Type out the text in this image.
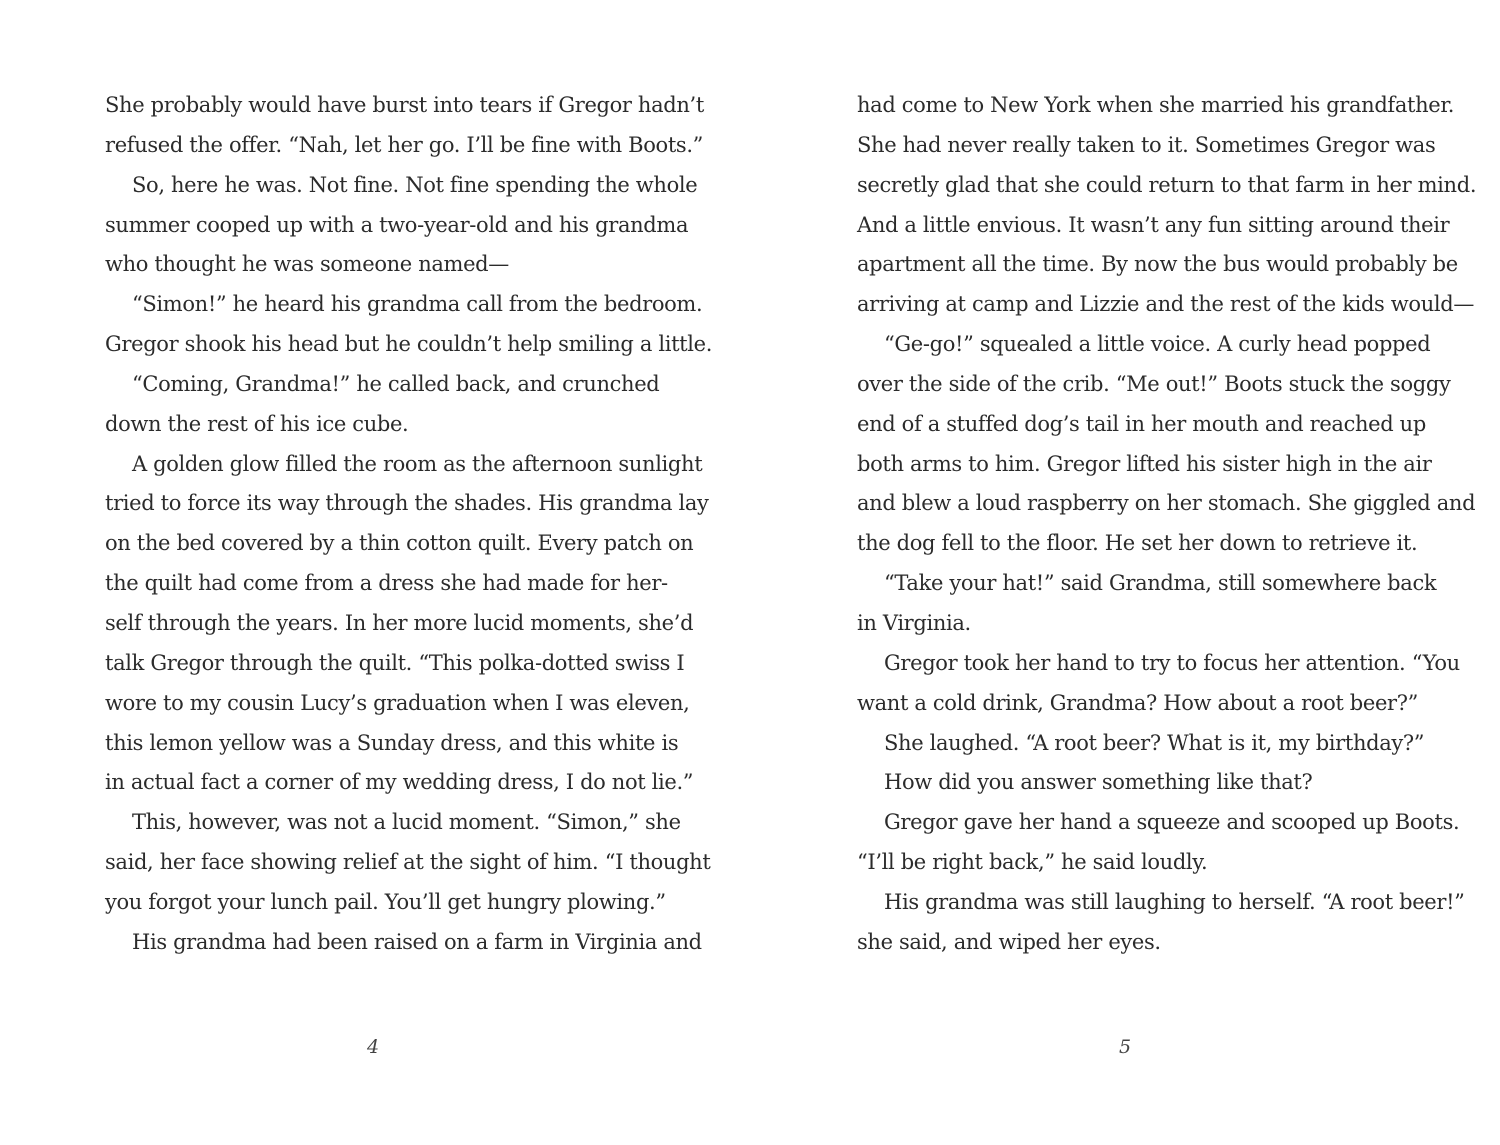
She probably would have burst into tears if Gregor hadn’t
refused the offer. “Nah, let her go. I’ll be fine with Boots.”
So, here he was. Not fine. Not fine spending the whole
summer cooped up with a two-year-old and his grandma
who thought he was someone named—
“Simon!” he heard his grandma call from the bedroom.
Gregor shook his head but he couldn’t help smiling a little.
“Coming, Grandma!” he called back, and crunched
down the rest of his ice cube.
A golden glow filled the room as the afternoon sunlight
tried to force its way through the shades. His grandma lay
on the bed covered by a thin cotton quilt. Every patch on
the quilt had come from a dress she had made for her-
self through the years. In her more lucid moments, she’d
talk Gregor through the quilt. “This polka-dotted swiss I
wore to my cousin Lucy’s graduation when I was eleven,
this lemon yellow was a Sunday dress, and this white is
in actual fact a corner of my wedding dress, I do not lie.”
This, however, was not a lucid moment. “Simon,” she
said, her face showing relief at the sight of him. “I thought
you forgot your lunch pail. You’ll get hungry plowing.”
His grandma had been raised on a farm in Virginia and
had come to New York when she married his grandfather.
She had never really taken to it. Sometimes Gregor was
secretly glad that she could return to that farm in her mind.
And a little envious. It wasn’t any fun sitting around their
apartment all the time. By now the bus would probably be
arriving at camp and Lizzie and the rest of the kids would—
“Ge-go!” squealed a little voice. A curly head popped
over the side of the crib. “Me out!” Boots stuck the soggy
end of a stuffed dog’s tail in her mouth and reached up
both arms to him. Gregor lifted his sister high in the air
and blew a loud raspberry on her stomach. She giggled and
the dog fell to the floor. He set her down to retrieve it.
“Take your hat!” said Grandma, still somewhere back
in Virginia.
Gregor took her hand to try to focus her attention. “You
want a cold drink, Grandma? How about a root beer?”
She laughed. “A root beer? What is it, my birthday?”
How did you answer something like that?
Gregor gave her hand a squeeze and scooped up Boots.
“I’ll be right back,” he said loudly.
His grandma was still laughing to herself. “A root beer!”
she said, and wiped her eyes.
4	5
